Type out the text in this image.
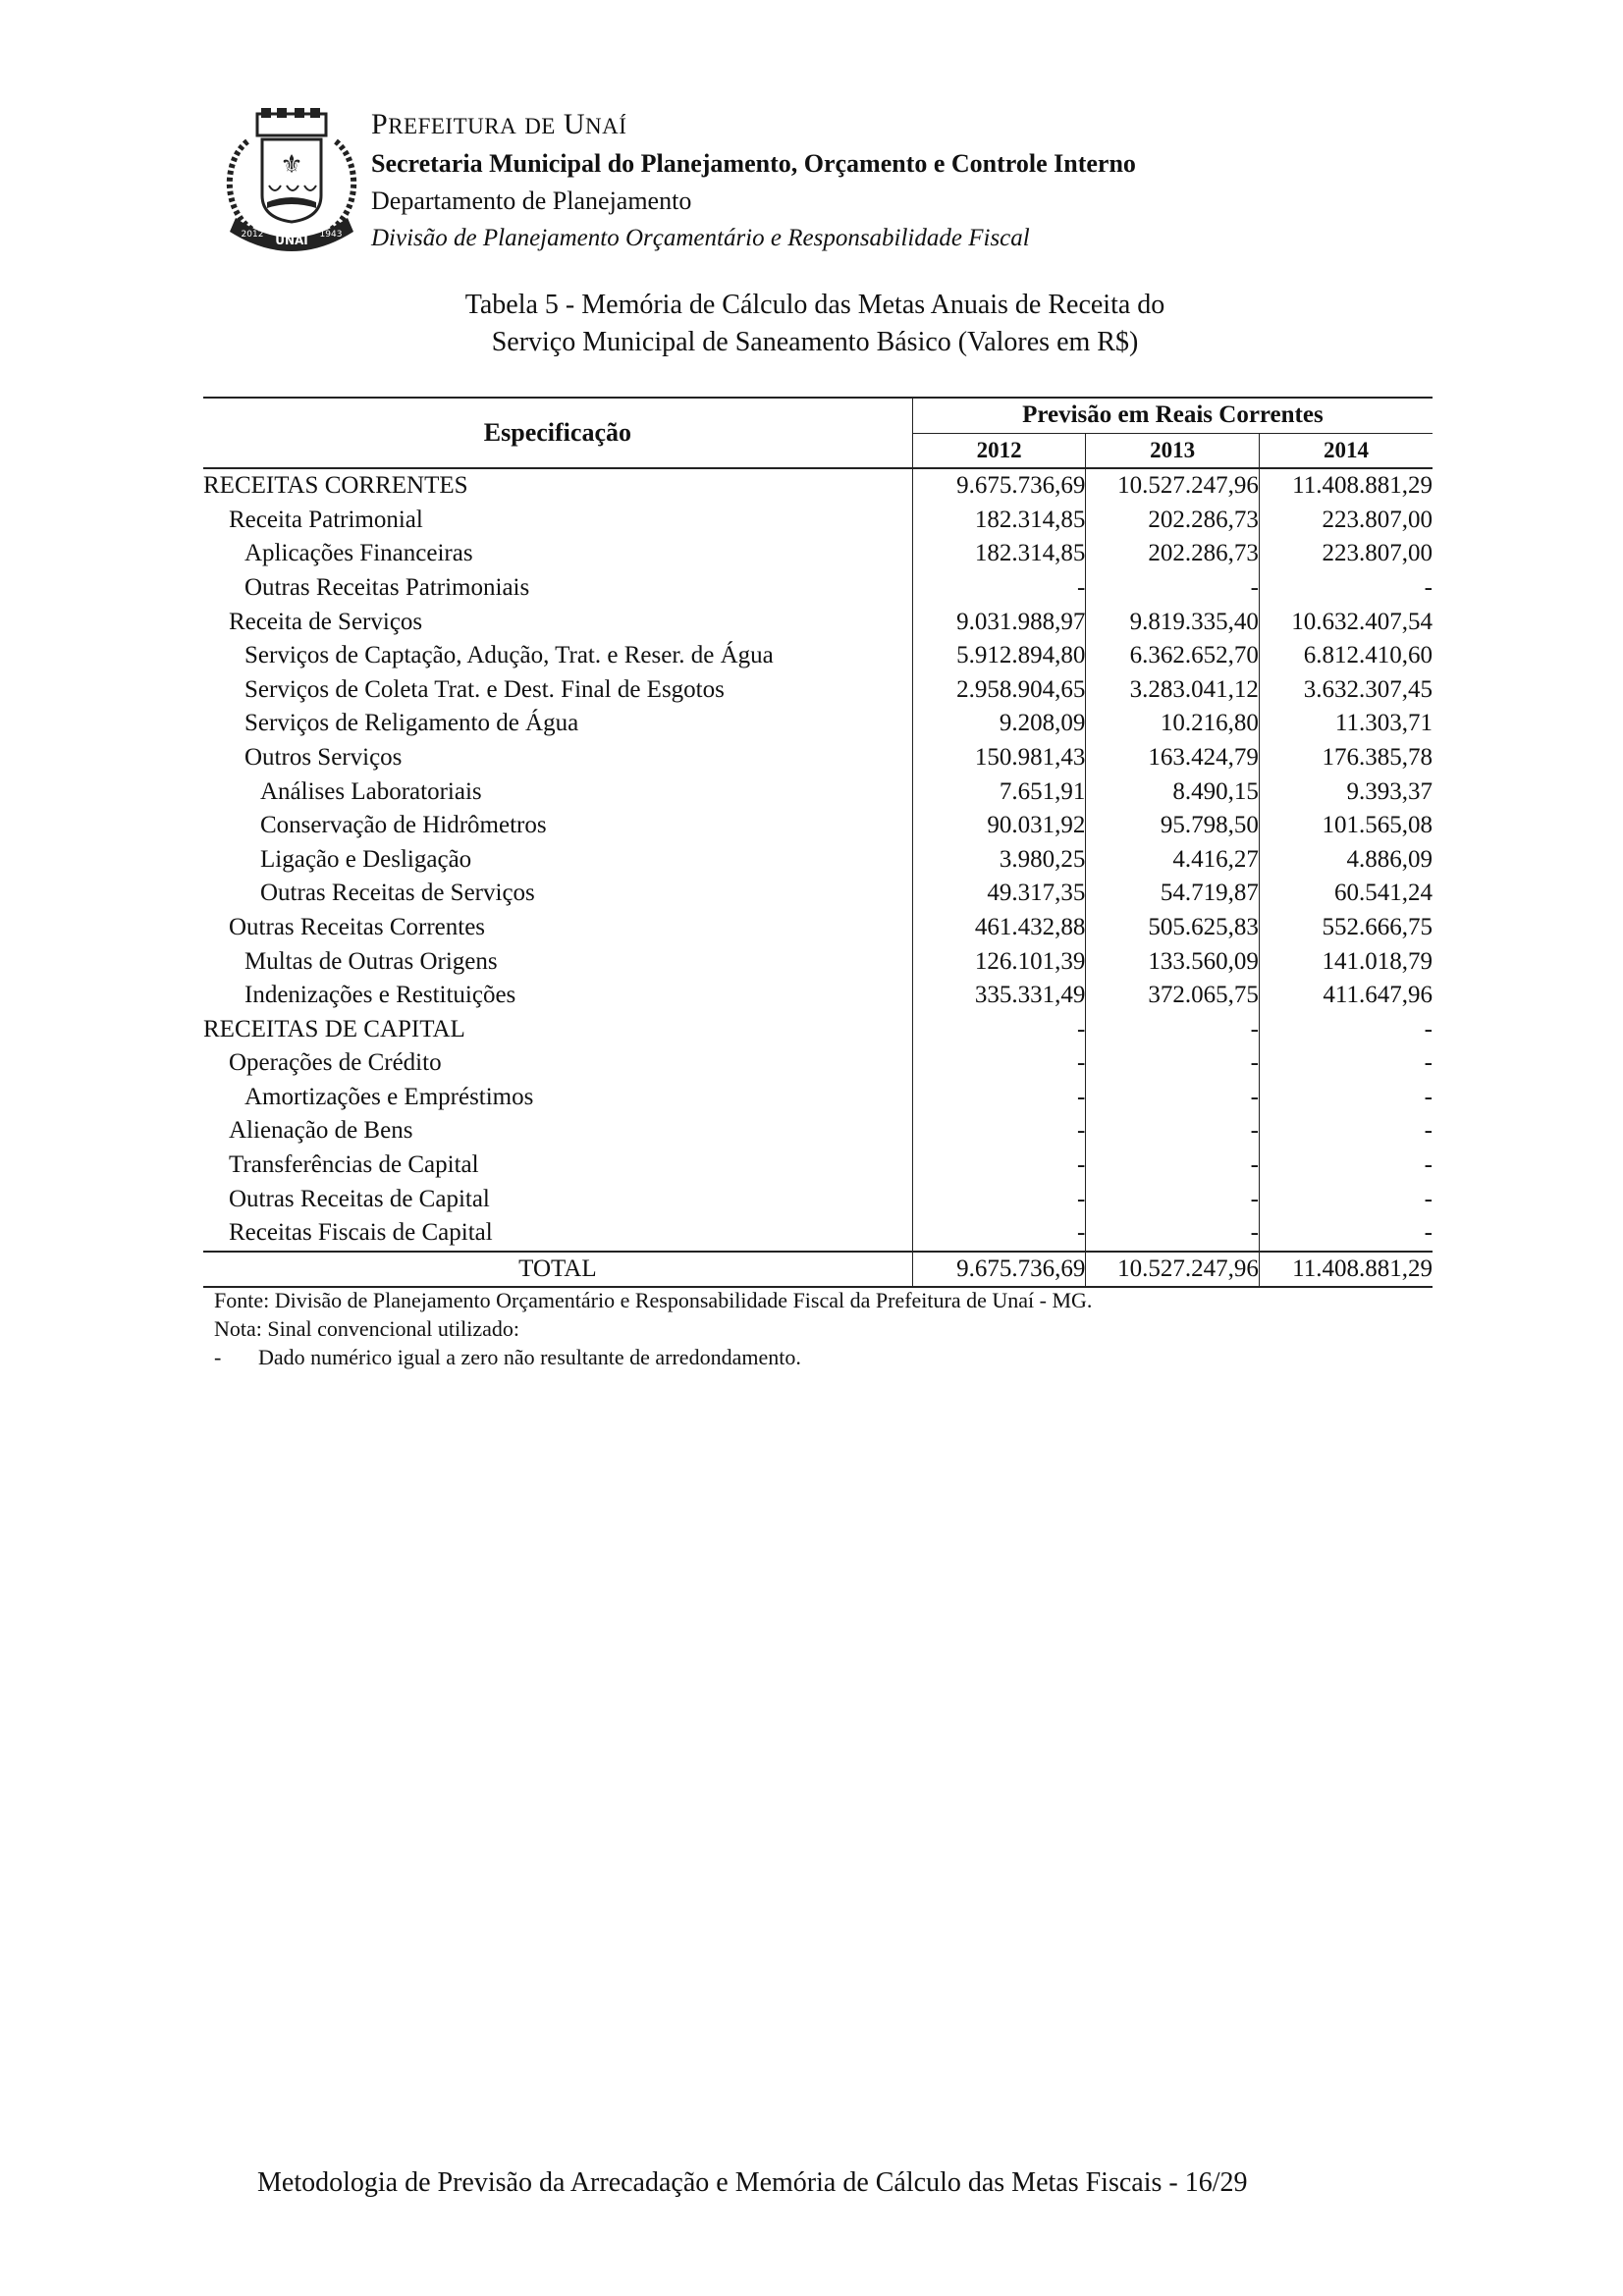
⚜
UNAÍ
2012	1943
PREFEITURA DE UNAÍ
Secretaria Municipal do Planejamento, Orçamento e Controle Interno
Departamento de Planejamento
Divisão de Planejamento Orçamentário e Responsabilidade Fiscal
Tabela 5 - Memória de Cálculo das Metas Anuais de Receita do
Serviço Municipal de Saneamento Básico (Valores em R$)
Especificação	Previsão em Reais Correntes		
	2012	2013	2014
RECEITAS CORRENTES	9.675.736,69	10.527.247,96	11.408.881,29
Receita Patrimonial	182.314,85	202.286,73	223.807,00
Aplicações Financeiras	182.314,85	202.286,73	223.807,00
Outras Receitas Patrimoniais	-	-	-
Receita de Serviços	9.031.988,97	9.819.335,40	10.632.407,54
Serviços de Captação, Adução, Trat. e Reser. de Água	5.912.894,80	6.362.652,70	6.812.410,60
Serviços de Coleta Trat. e Dest. Final de Esgotos	2.958.904,65	3.283.041,12	3.632.307,45
Serviços de Religamento de Água	9.208,09	10.216,80	11.303,71
Outros Serviços	150.981,43	163.424,79	176.385,78
Análises Laboratoriais	7.651,91	8.490,15	9.393,37
Conservação de Hidrômetros	90.031,92	95.798,50	101.565,08
Ligação e Desligação	3.980,25	4.416,27	4.886,09
Outras Receitas de Serviços	49.317,35	54.719,87	60.541,24
Outras Receitas Correntes	461.432,88	505.625,83	552.666,75
Multas de Outras Origens	126.101,39	133.560,09	141.018,79
Indenizações e Restituições	335.331,49	372.065,75	411.647,96
RECEITAS DE CAPITAL	-	-	-
Operações de Crédito	-	-	-
Amortizações e Empréstimos	-	-	-
Alienação de Bens	-	-	-
Transferências de Capital	-	-	-
Outras Receitas de Capital	-	-	-
Receitas Fiscais de Capital	-	-	-
TOTAL	9.675.736,69	10.527.247,96	11.408.881,29
Fonte: Divisão de Planejamento Orçamentário e Responsabilidade Fiscal da Prefeitura de Unaí - MG.
Nota: Sinal convencional utilizado:
-	Dado numérico igual a zero não resultante de arredondamento.
Metodologia de Previsão da Arrecadação e Memória de Cálculo das Metas Fiscais - 16/29
